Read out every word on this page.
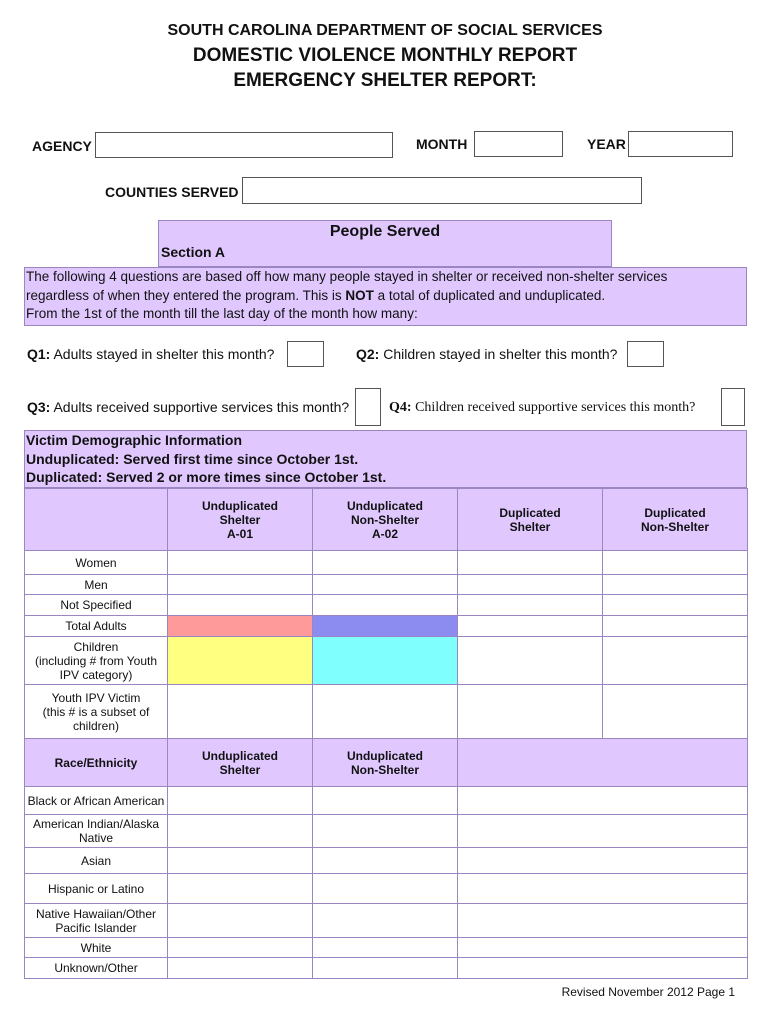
SOUTH CAROLINA DEPARTMENT OF SOCIAL SERVICES
DOMESTIC VIOLENCE MONTHLY REPORT
EMERGENCY SHELTER REPORT:
AGENCY	MONTH	YEAR
COUNTIES SERVED
People Served
Section A
The following 4 questions are based off how many people stayed in shelter or received non-shelter services
regardless of when they entered the program. This is NOT a total of duplicated and unduplicated.
From the 1st of the month till the last day of the month how many:
Q1: Adults stayed in shelter this month?	Q2: Children stayed in shelter this month?
Q3: Adults received supportive services this month?	Q4: Children received supportive services this month?
Victim Demographic Information
Unduplicated: Served first time since October 1st.
Duplicated: Served 2 or more times since October 1st.

	Unduplicated
Shelter
A-01	Unduplicated
Non-Shelter
A-02	Duplicated
Shelter	Duplicated
Non-Shelter

Women				
Men				
Not Specified				
Total Adults				

Children
(including # from Youth
IPV category)				

Youth IPV Victim
(this # is a subset of
children)				

Race/Ethnicity	Unduplicated
Shelter	Unduplicated
Non-Shelter	

Black or African American			

American Indian/Alaska
Native			

Asian			
Hispanic or Latino			

Native Hawaiian/Other
Pacific Islander			

White			
Unknown/Other			
Revised November 2012 Page 1
